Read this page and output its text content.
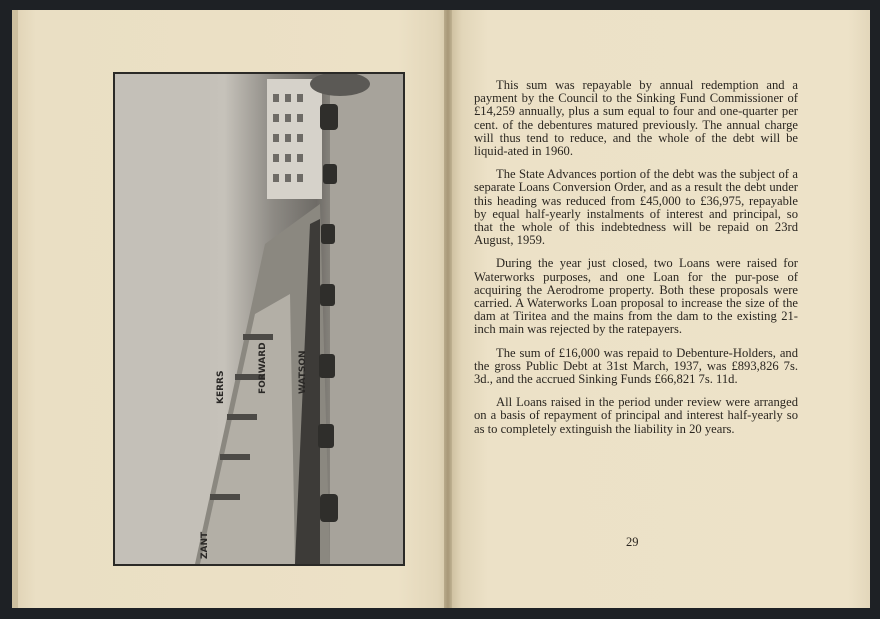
KERRS	FORWARD	WATSON
ZANT

This sum was repayable by annual redemption and a payment by the Council to the Sinking Fund Commissioner of £14,259 annually, plus a sum equal to four and one-quarter per cent. of the debentures matured previously. The annual charge will thus tend to reduce, and the whole of the debt will be liquid-ated in 1960.

The State Advances portion of the debt was the subject of a separate Loans Conversion Order, and as a result the debt under this heading was reduced from £45,000 to £36,975, repayable by equal half-yearly instalments of interest and principal, so that the whole of this indebtedness will be repaid on 23rd August, 1959.

During the year just closed, two Loans were raised for Waterworks purposes, and one Loan for the pur-pose of acquiring the Aerodrome property. Both these proposals were carried. A Waterworks Loan proposal to increase the size of the dam at Tiritea and the mains from the dam to the existing 21-inch main was rejected by the ratepayers.

The sum of £16,000 was repaid to Debenture-Holders, and the gross Public Debt at 31st March, 1937, was £893,826 7s. 3d., and the accrued Sinking Funds £66,821 7s. 11d.

All Loans raised in the period under review were arranged on a basis of repayment of principal and interest half-yearly so as to completely extinguish the liability in 20 years.

29
